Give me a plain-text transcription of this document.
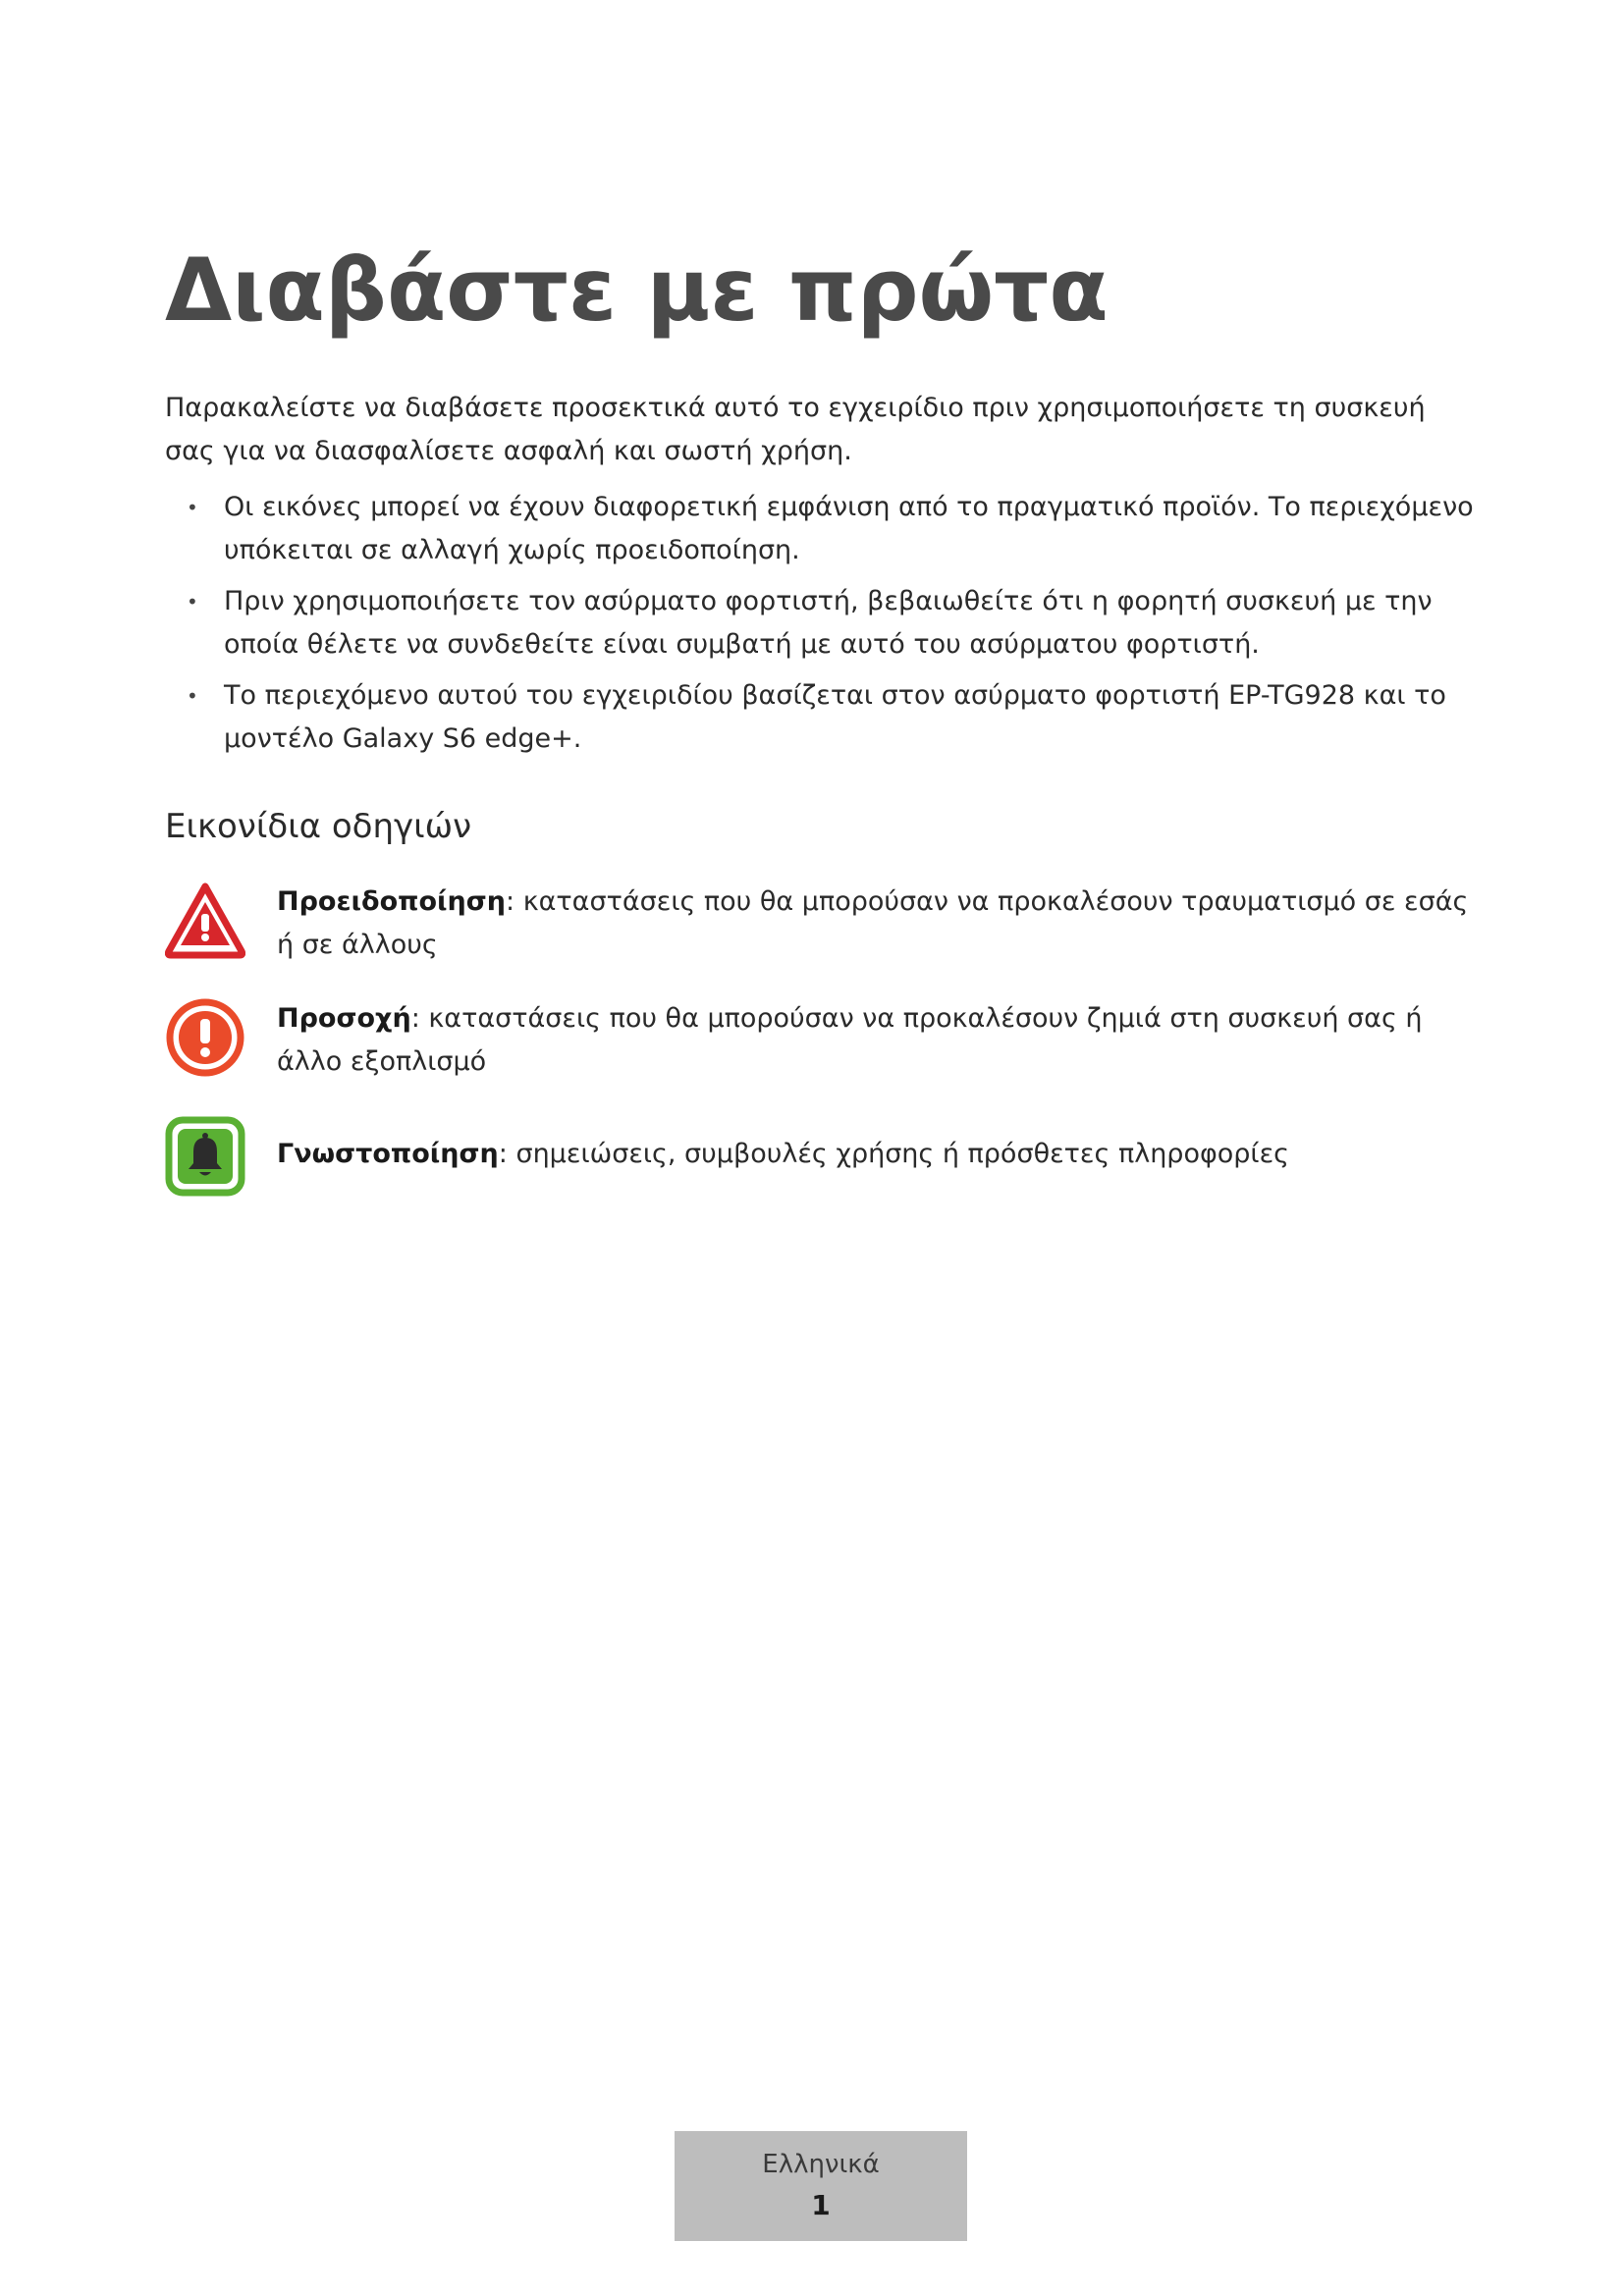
Διαβάστε με πρώτα

Παρακαλείστε να διαβάσετε προσεκτικά αυτό το εγχειρίδιο πριν χρησιμοποιήσετε τη συσκευή σας για να διασφαλίσετε ασφαλή και σωστή χρήση.

• Οι εικόνες μπορεί να έχουν διαφορετική εμφάνιση από το πραγματικό προϊόν. Το περιεχόμενο υπόκειται σε αλλαγή χωρίς προειδοποίηση.
• Πριν χρησιμοποιήσετε τον ασύρματο φορτιστή, βεβαιωθείτε ότι η φορητή συσκευή με την οποία θέλετε να συνδεθείτε είναι συμβατή με αυτό του ασύρματου φορτιστή.
• Το περιεχόμενο αυτού του εγχειριδίου βασίζεται στον ασύρματο φορτιστή EP-TG928 και το μοντέλο Galaxy S6 edge+.
Εικονίδια οδηγιών

Προειδοποίηση: καταστάσεις που θα μπορούσαν να προκαλέσουν τραυματισμό σε εσάς ή σε άλλους

Προσοχή: καταστάσεις που θα μπορούσαν να προκαλέσουν ζημιά στη συσκευή σας ή άλλο εξοπλισμό

Γνωστοποίηση: σημειώσεις, συμβουλές χρήσης ή πρόσθετες πληροφορίες

Ελληνικά
1
